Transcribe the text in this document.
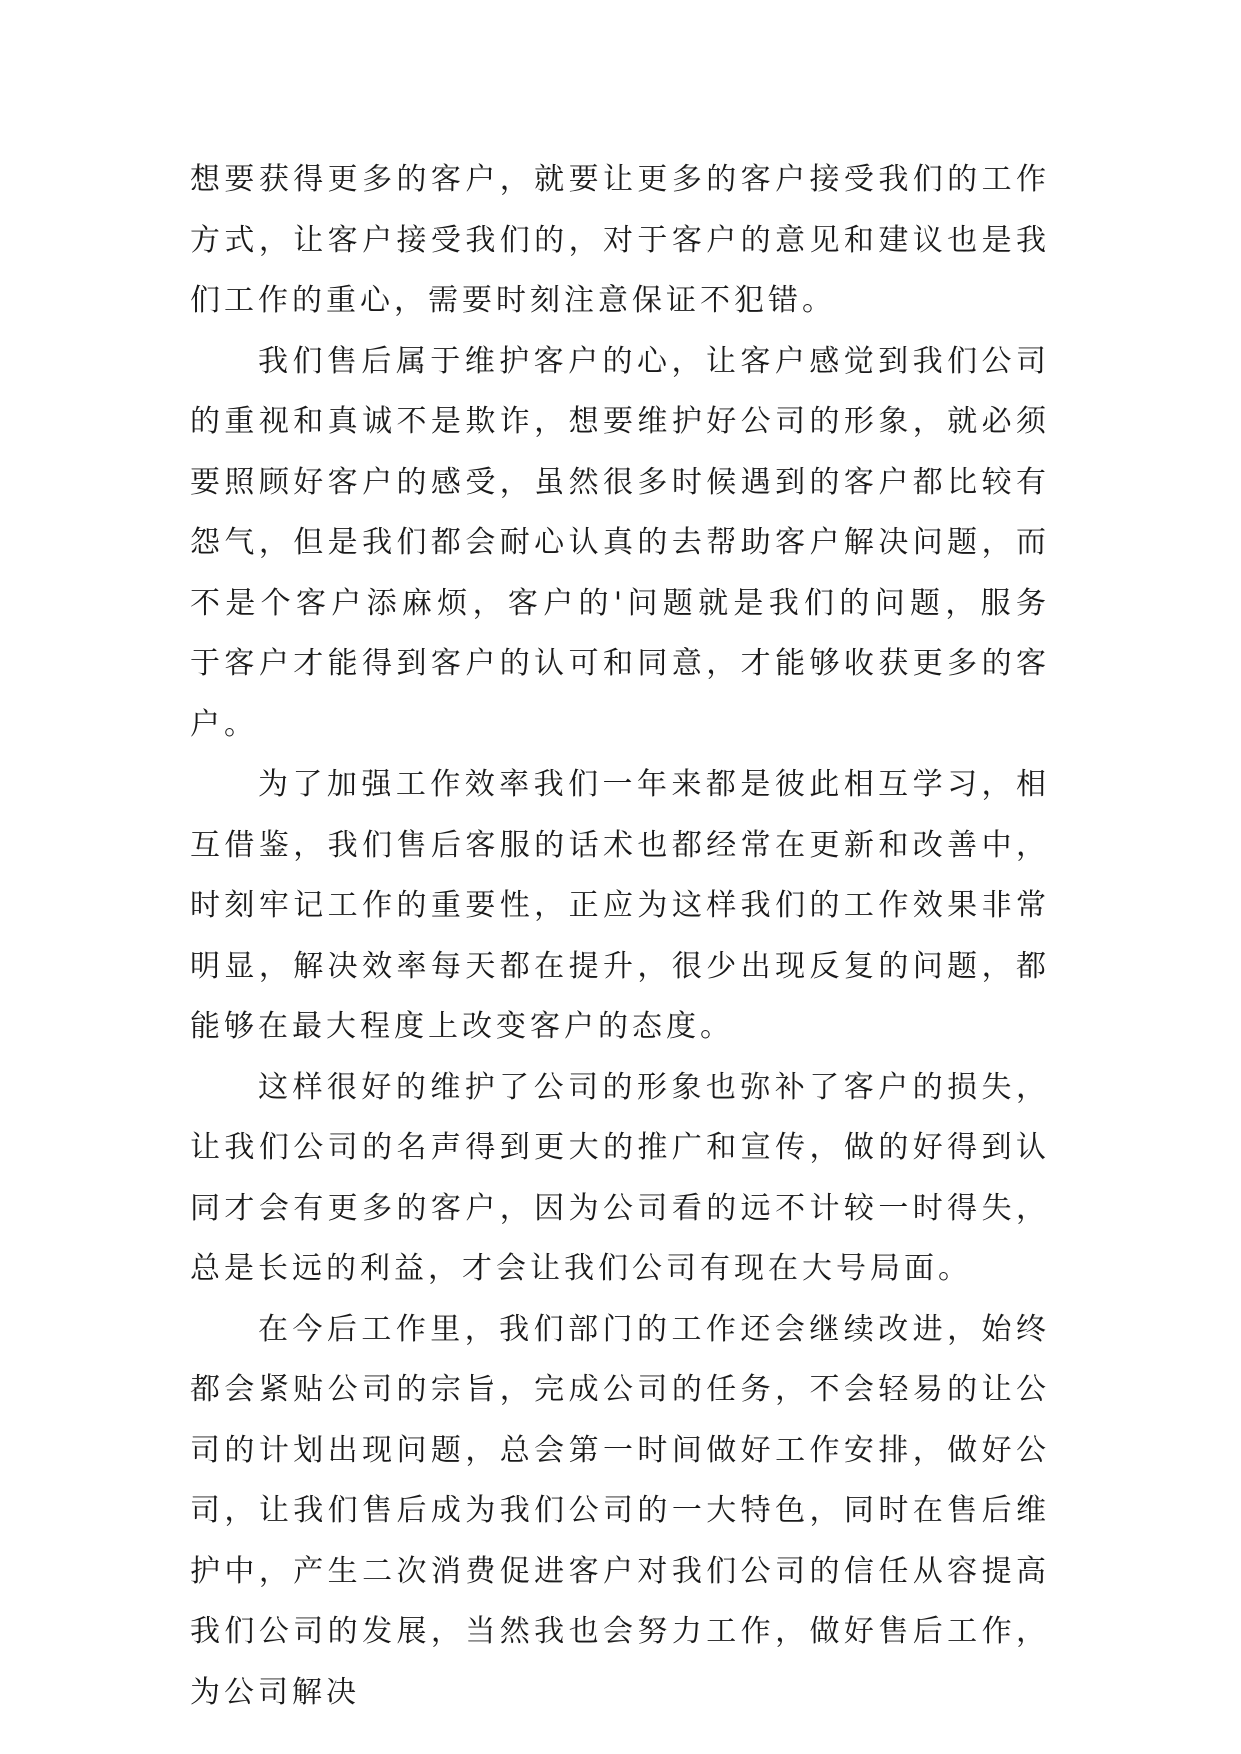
想要获得更多的客户，就要让更多的客户接受我们的工作方式，让客户接受我们的，对于客户的意见和建议也是我们工作的重心，需要时刻注意保证不犯错。

我们售后属于维护客户的心，让客户感觉到我们公司的重视和真诚不是欺诈，想要维护好公司的形象，就必须要照顾好客户的感受，虽然很多时候遇到的客户都比较有怨气，但是我们都会耐心认真的去帮助客户解决问题，而不是个客户添麻烦，客户的'问题就是我们的问题，服务于客户才能得到客户的认可和同意，才能够收获更多的客户。

为了加强工作效率我们一年来都是彼此相互学习，相互借鉴，我们售后客服的话术也都经常在更新和改善中，时刻牢记工作的重要性，正应为这样我们的工作效果非常明显，解决效率每天都在提升，很少出现反复的问题，都能够在最大程度上改变客户的态度。

这样很好的维护了公司的形象也弥补了客户的损失，让我们公司的名声得到更大的推广和宣传，做的好得到认同才会有更多的客户，因为公司看的远不计较一时得失，总是长远的利益，才会让我们公司有现在大号局面。

在今后工作里，我们部门的工作还会继续改进，始终都会紧贴公司的宗旨，完成公司的任务，不会轻易的让公司的计划出现问题，总会第一时间做好工作安排，做好公司，让我们售后成为我们公司的一大特色，同时在售后维护中，产生二次消费促进客户对我们公司的信任从容提高我们公司的发展，当然我也会努力工作，做好售后工作，为公司解决
